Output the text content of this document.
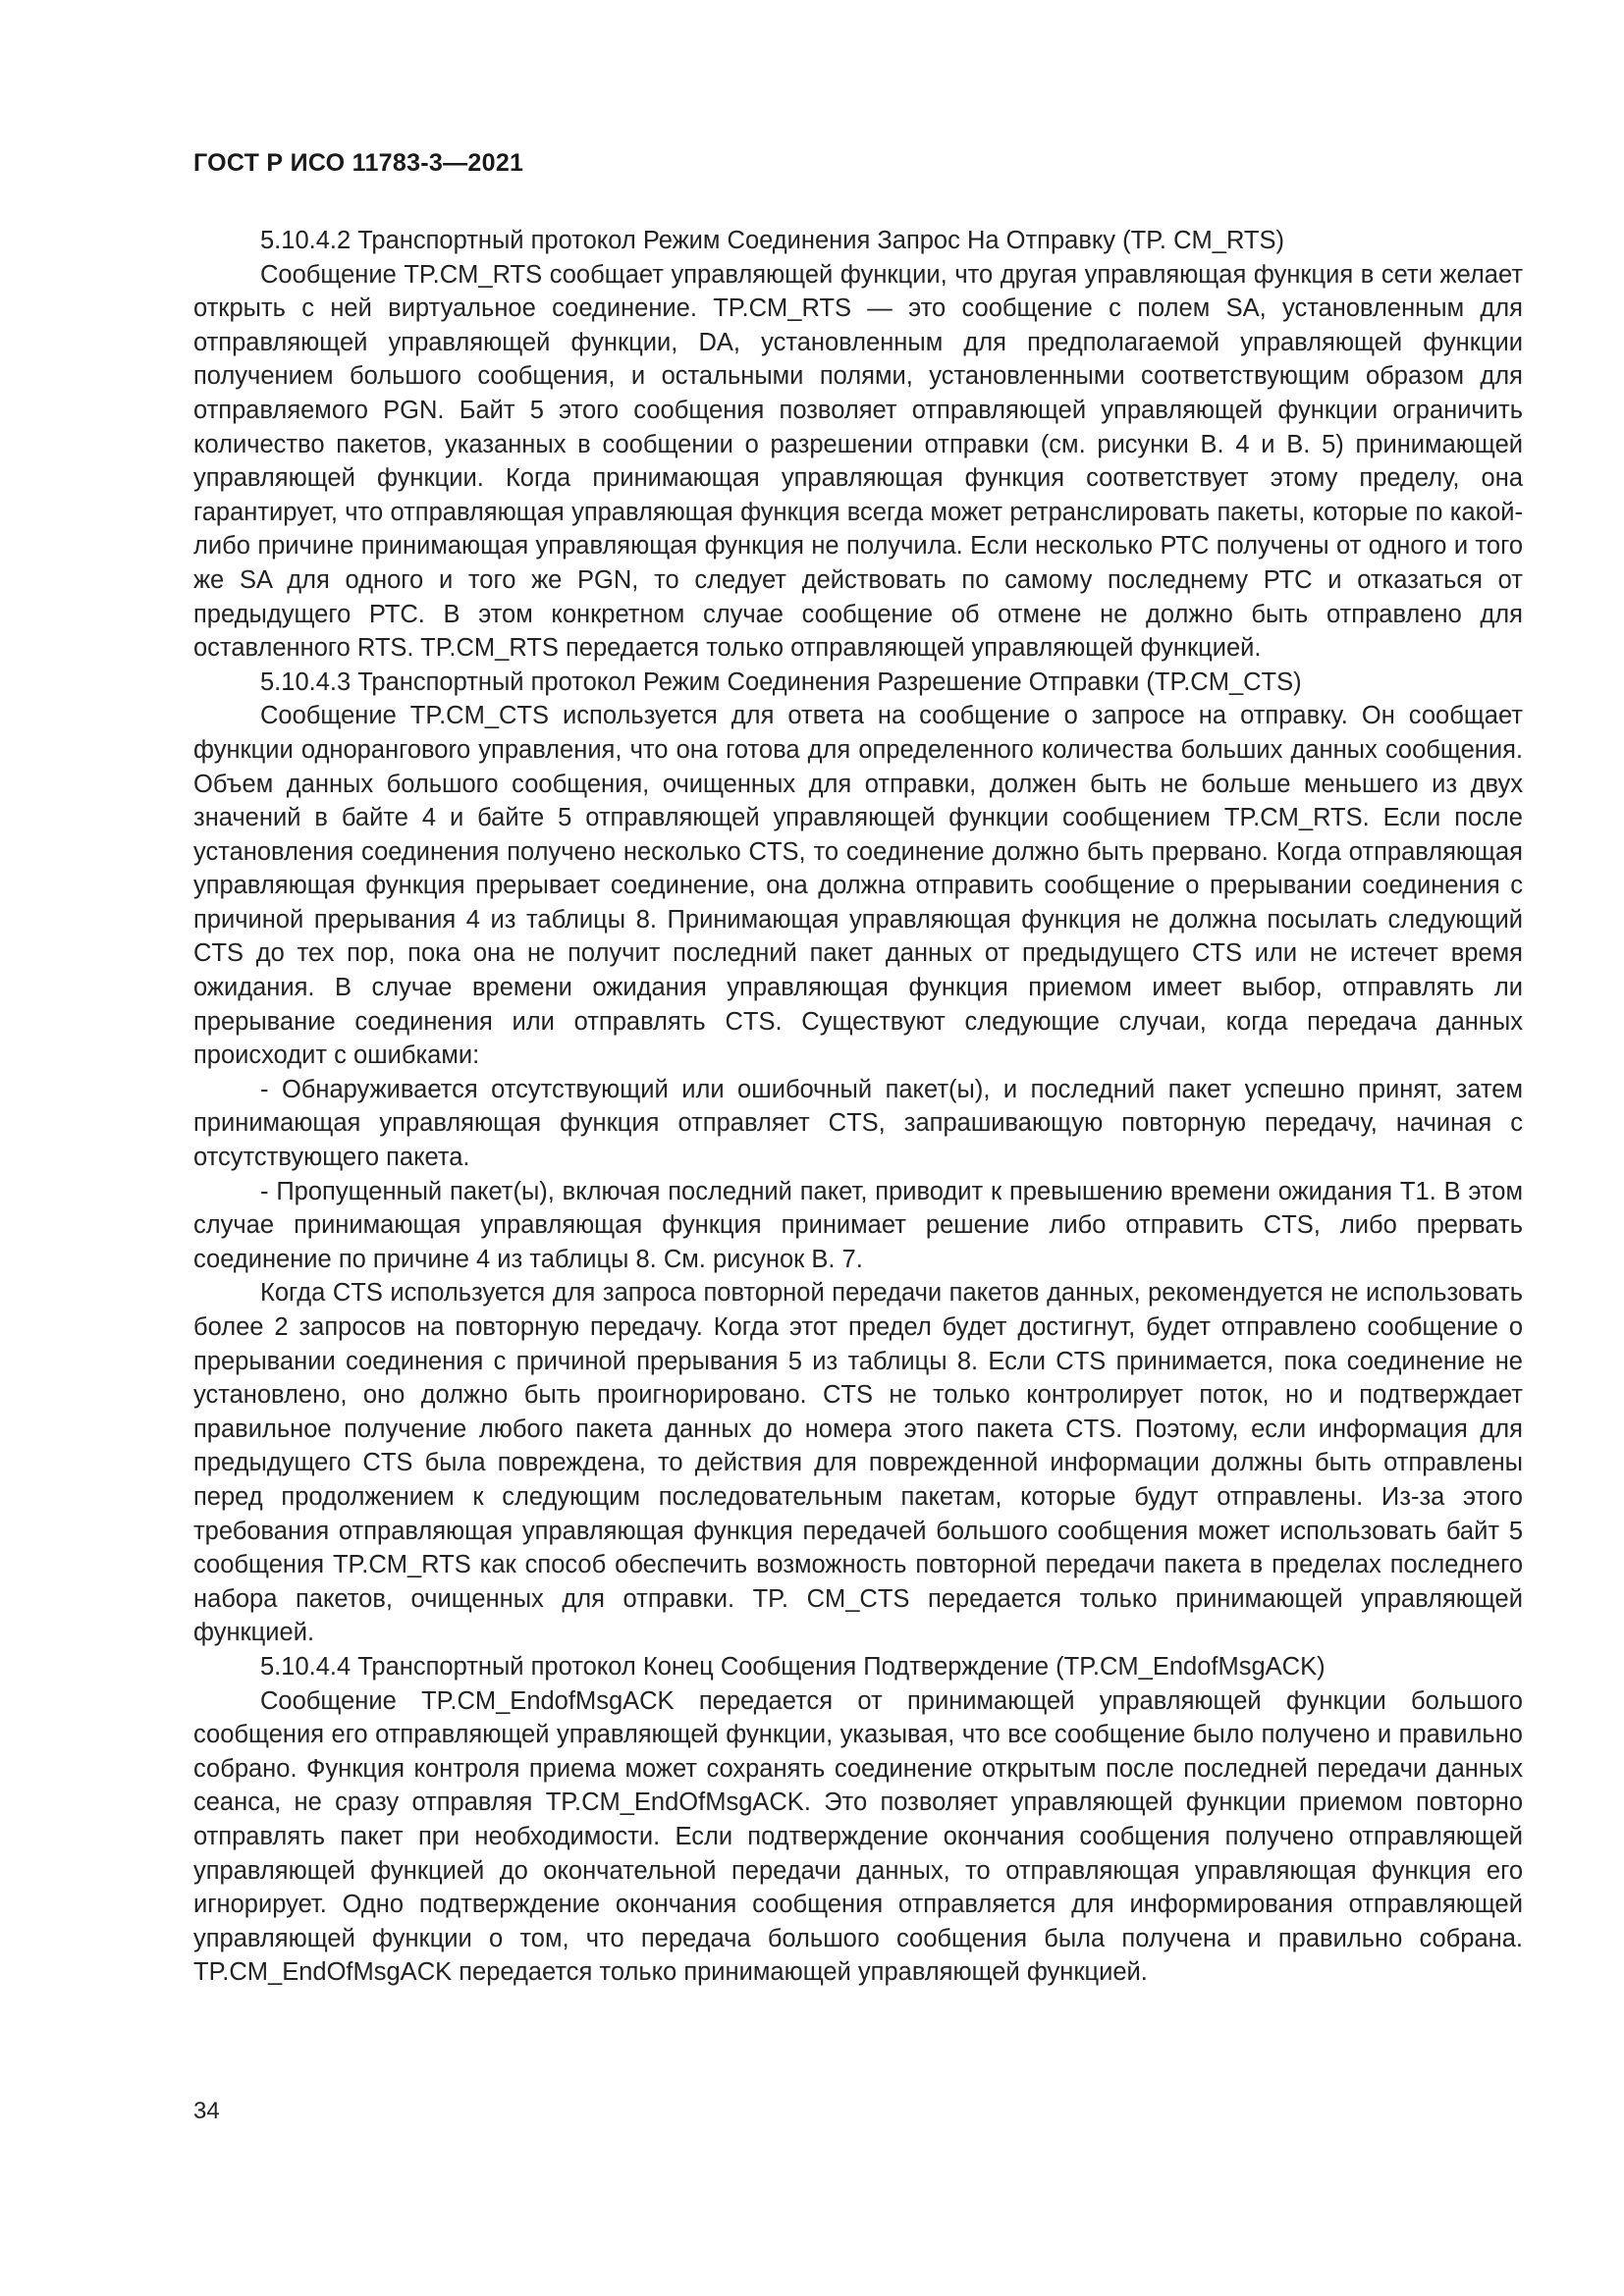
ГОСТ Р ИСО 11783-3—2021

5.10.4.2 Транспортный протокол Режим Соединения Запрос На Отправку (TP. CM_RTS)

Сообщение TP.CM_RTS сообщает управляющей функции, что другая управляющая функция в сети желает открыть с ней виртуальное соединение. TP.CM_RTS — это сообщение с полем SA, установленным для отправляющей управляющей функции, DA, установленным для предполагаемой управляющей функции получением большого сообщения, и остальными полями, установленными соответствующим образом для отправляемого PGN. Байт 5 этого сообщения позволяет отправляющей управляющей функции ограничить количество пакетов, указанных в сообщении о разрешении отправки (см. рисунки В. 4 и В. 5) принимающей управляющей функции. Когда принимающая управляющая функция соответствует этому пределу, она гарантирует, что отправляющая управляющая функция всегда может ретранслировать пакеты, которые по какой-либо причине принимающая управляющая функция не получила. Если несколько РТС получены от одного и того же SA для одного и того же PGN, то следует действовать по самому последнему РТС и отказаться от предыдущего РТС. В этом конкретном случае сообщение об отмене не должно быть отправлено для оставленного RTS. TP.CM_RTS передается только отправляющей управляющей функцией.

5.10.4.3 Транспортный протокол Режим Соединения Разрешение Отправки (TP.CM_CTS)

Сообщение TP.CM_CTS используется для ответа на сообщение о запросе на отправку. Он сообщает функции одноранговоro управления, что она готова для определенного количества больших данных сообщения. Объем данных большого сообщения, очищенных для отправки, должен быть не больше меньшего из двух значений в байте 4 и байте 5 отправляющей управляющей функции сообщением TP.CM_RTS. Если после установления соединения получено несколько CTS, то соединение должно быть прервано. Когда отправляющая управляющая функция прерывает соединение, она должна отправить сообщение о прерывании соединения с причиной прерывания 4 из таблицы 8. Принимающая управляющая функция не должна посылать следующий CTS до тех пор, пока она не получит последний пакет данных от предыдущего CTS или не истечет время ожидания. В случае времени ожидания управляющая функция приемом имеет выбор, отправлять ли прерывание соединения или отправлять CTS. Существуют следующие случаи, когда передача данных происходит с ошибками:

- Обнаруживается отсутствующий или ошибочный пакет(ы), и последний пакет успешно принят, затем принимающая управляющая функция отправляет CTS, запрашивающую повторную передачу, начиная с отсутствующего пакета.

- Пропущенный пакет(ы), включая последний пакет, приводит к превышению времени ожидания T1. В этом случае принимающая управляющая функция принимает решение либо отправить CTS, либо прервать соединение по причине 4 из таблицы 8. См. рисунок В. 7.

Когда CTS используется для запроса повторной передачи пакетов данных, рекомендуется не использовать более 2 запросов на повторную передачу. Когда этот предел будет достигнут, будет отправлено сообщение о прерывании соединения с причиной прерывания 5 из таблицы 8. Если CTS принимается, пока соединение не установлено, оно должно быть проигнорировано. CTS не только контролирует поток, но и подтверждает правильное получение любого пакета данных до номера этого пакета CTS. Поэтому, если информация для предыдущего CTS была повреждена, то действия для поврежденной информации должны быть отправлены перед продолжением к следующим последовательным пакетам, которые будут отправлены. Из-за этого требования отправляющая управляющая функция передачей большого сообщения может использовать байт 5 сообщения TP.CM_RTS как способ обеспечить возможность повторной передачи пакета в пределах последнего набора пакетов, очищенных для отправки. TP. CM_CTS передается только принимающей управляющей функцией.

5.10.4.4 Транспортный протокол Конец Сообщения Подтверждение (TP.CM_EndofMsgACK)

Сообщение TP.CM_EndofMsgACK передается от принимающей управляющей функции большого сообщения его отправляющей управляющей функции, указывая, что все сообщение было получено и правильно собрано. Функция контроля приема может сохранять соединение открытым после последней передачи данных сеанса, не сразу отправляя TP.CM_EndOfMsgACK. Это позволяет управляющей функции приемом повторно отправлять пакет при необходимости. Если подтверждение окончания сообщения получено отправляющей управляющей функцией до окончательной передачи данных, то отправляющая управляющая функция его игнорирует. Одно подтверждение окончания сообщения отправляется для информирования отправляющей управляющей функции о том, что передача большого сообщения была получена и правильно собрана. TP.CM_EndOfMsgACK передается только принимающей управляющей функцией.

34
